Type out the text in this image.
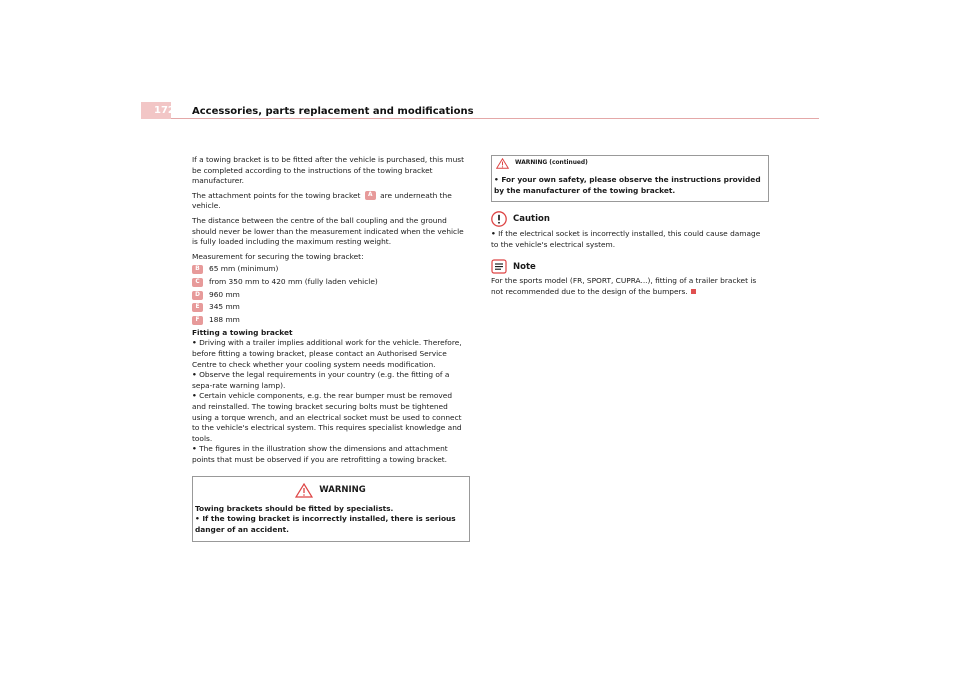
172 Accessories, parts replacement and modifications

If a towing bracket is to be fitted after the vehicle is purchased, this must be completed according to the instructions of the towing bracket manufacturer.

The attachment points for the towing bracket A are underneath the vehicle.

The distance between the centre of the ball coupling and the ground should never be lower than the measurement indicated when the vehicle is fully loaded including the maximum resting weight.

Measurement for securing the towing bracket:

B	65 mm (minimum)
C	from 350 mm to 420 mm (fully laden vehicle)
D	960 mm
E	345 mm
F	188 mm

Fitting a towing bracket

• Driving with a trailer implies additional work for the vehicle. Therefore, before fitting a towing bracket, please contact an Authorised Service Centre to check whether your cooling system needs modification.

• Observe the legal requirements in your country (e.g. the fitting of a sepa-rate warning lamp).

• Certain vehicle components, e.g. the rear bumper must be removed and reinstalled. The towing bracket securing bolts must be tightened using a torque wrench, and an electrical socket must be used to connect to the vehicle's electrical system. This requires specialist knowledge and tools.

• The figures in the illustration show the dimensions and attachment points that must be observed if you are retrofitting a towing bracket.

WARNING
Towing brackets should be fitted by specialists.
• If the towing bracket is incorrectly installed, there is serious danger of an accident.
WARNING (continued)
• For your own safety, please observe the instructions provided by the manufacturer of the towing bracket.
Caution

• If the electrical socket is incorrectly installed, this could cause damage to the vehicle's electrical system.

Note

For the sports model (FR, SPORT, CUPRA...), fitting of a trailer bracket is not recommended due to the design of the bumpers.
